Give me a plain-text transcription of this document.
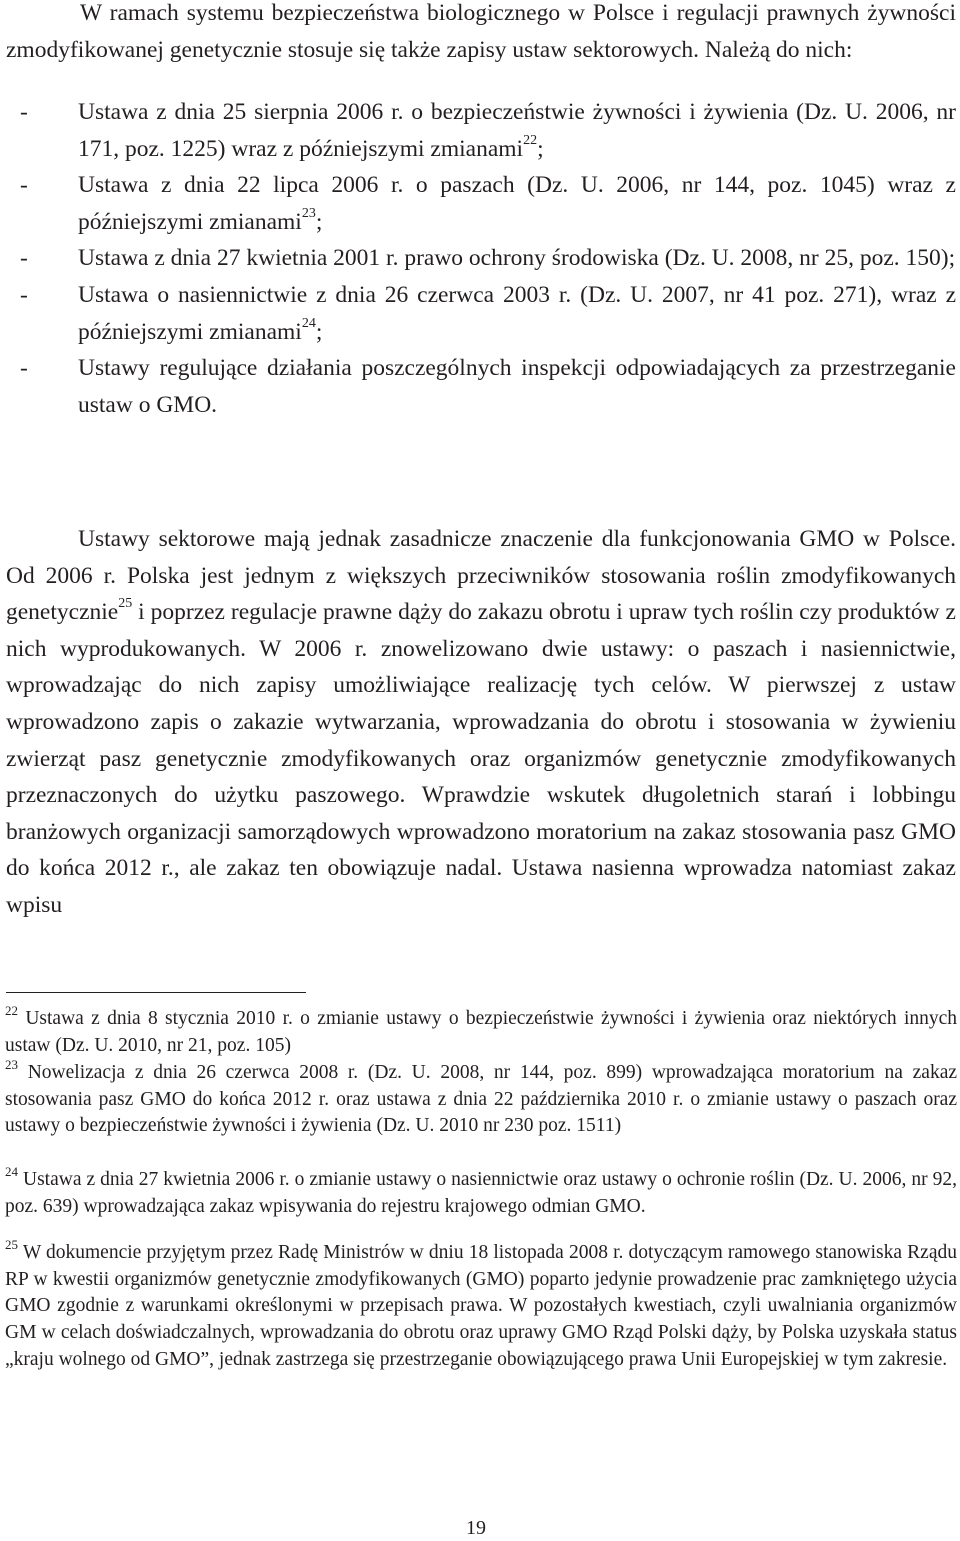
W ramach systemu bezpieczeństwa biologicznego w Polsce i regulacji prawnych żywności zmodyfikowanej genetycznie stosuje się także zapisy ustaw sektorowych. Należą do nich:

- Ustawa z dnia 25 sierpnia 2006 r. o bezpieczeństwie żywności i żywienia (Dz. U. 2006, nr 171, poz. 1225) wraz z późniejszymi zmianami$^{22}$;
- Ustawa z dnia 22 lipca 2006 r. o paszach (Dz. U. 2006, nr 144, poz. 1045) wraz z późniejszymi zmianami$^{23}$;
- Ustawa z dnia 27 kwietnia 2001 r. prawo ochrony środowiska (Dz. U. 2008, nr 25, poz. 150);
- Ustawa o nasiennictwie z dnia 26 czerwca 2003 r. (Dz. U. 2007, nr 41 poz. 271), wraz z późniejszymi zmianami$^{24}$;
- Ustawy regulujące działania poszczególnych inspekcji odpowiadających za przestrzeganie ustaw o GMO.

Ustawy sektorowe mają jednak zasadnicze znaczenie dla funkcjonowania GMO w Polsce. Od 2006 r. Polska jest jednym z większych przeciwników stosowania roślin zmodyfikowanych genetycznie$^{25}$ i poprzez regulacje prawne dąży do zakazu obrotu i upraw tych roślin czy produktów z nich wyprodukowanych. W 2006 r. znowelizowano dwie ustawy: o paszach i nasiennictwie, wprowadzając do nich zapisy umożliwiające realizację tych celów. W pierwszej z ustaw wprowadzono zapis o zakazie wytwarzania, wprowadzania do obrotu i stosowania w żywieniu zwierząt pasz genetycznie zmodyfikowanych oraz organizmów genetycznie zmodyfikowanych przeznaczonych do użytku paszowego. Wprawdzie wskutek długoletnich starań i lobbingu branżowych organizacji samorządowych wprowadzono moratorium na zakaz stosowania pasz GMO do końca 2012 r., ale zakaz ten obowiązuje nadal. Ustawa nasienna wprowadza natomiast zakaz wpisu

$^{22}$ Ustawa z dnia 8 stycznia 2010 r. o zmianie ustawy o bezpieczeństwie żywności i żywienia oraz niektórych innych ustaw (Dz. U. 2010, nr 21, poz. 105)

$^{23}$ Nowelizacja z dnia 26 czerwca 2008 r. (Dz. U. 2008, nr 144, poz. 899) wprowadzająca moratorium na zakaz stosowania pasz GMO do końca 2012 r. oraz ustawa z dnia 22 października 2010 r. o zmianie ustawy o paszach oraz ustawy o bezpieczeństwie żywności i żywienia (Dz. U. 2010 nr 230 poz. 1511)

$^{24}$ Ustawa z dnia 27 kwietnia 2006 r. o zmianie ustawy o nasiennictwie oraz ustawy o ochronie roślin (Dz. U. 2006, nr 92, poz. 639) wprowadzająca zakaz wpisywania do rejestru krajowego odmian GMO.

$^{25}$ W dokumencie przyjętym przez Radę Ministrów w dniu 18 listopada 2008 r. dotyczącym ramowego stanowiska Rządu RP w kwestii organizmów genetycznie zmodyfikowanych (GMO) poparto jedynie prowadzenie prac zamkniętego użycia GMO zgodnie z warunkami określonymi w przepisach prawa. W pozostałych kwestiach, czyli uwalniania organizmów GM w celach doświadczalnych, wprowadzania do obrotu oraz uprawy GMO Rząd Polski dąży, by Polska uzyskała status „kraju wolnego od GMO”, jednak zastrzega się przestrzeganie obowiązującego prawa Unii Europejskiej w tym zakresie.

19
